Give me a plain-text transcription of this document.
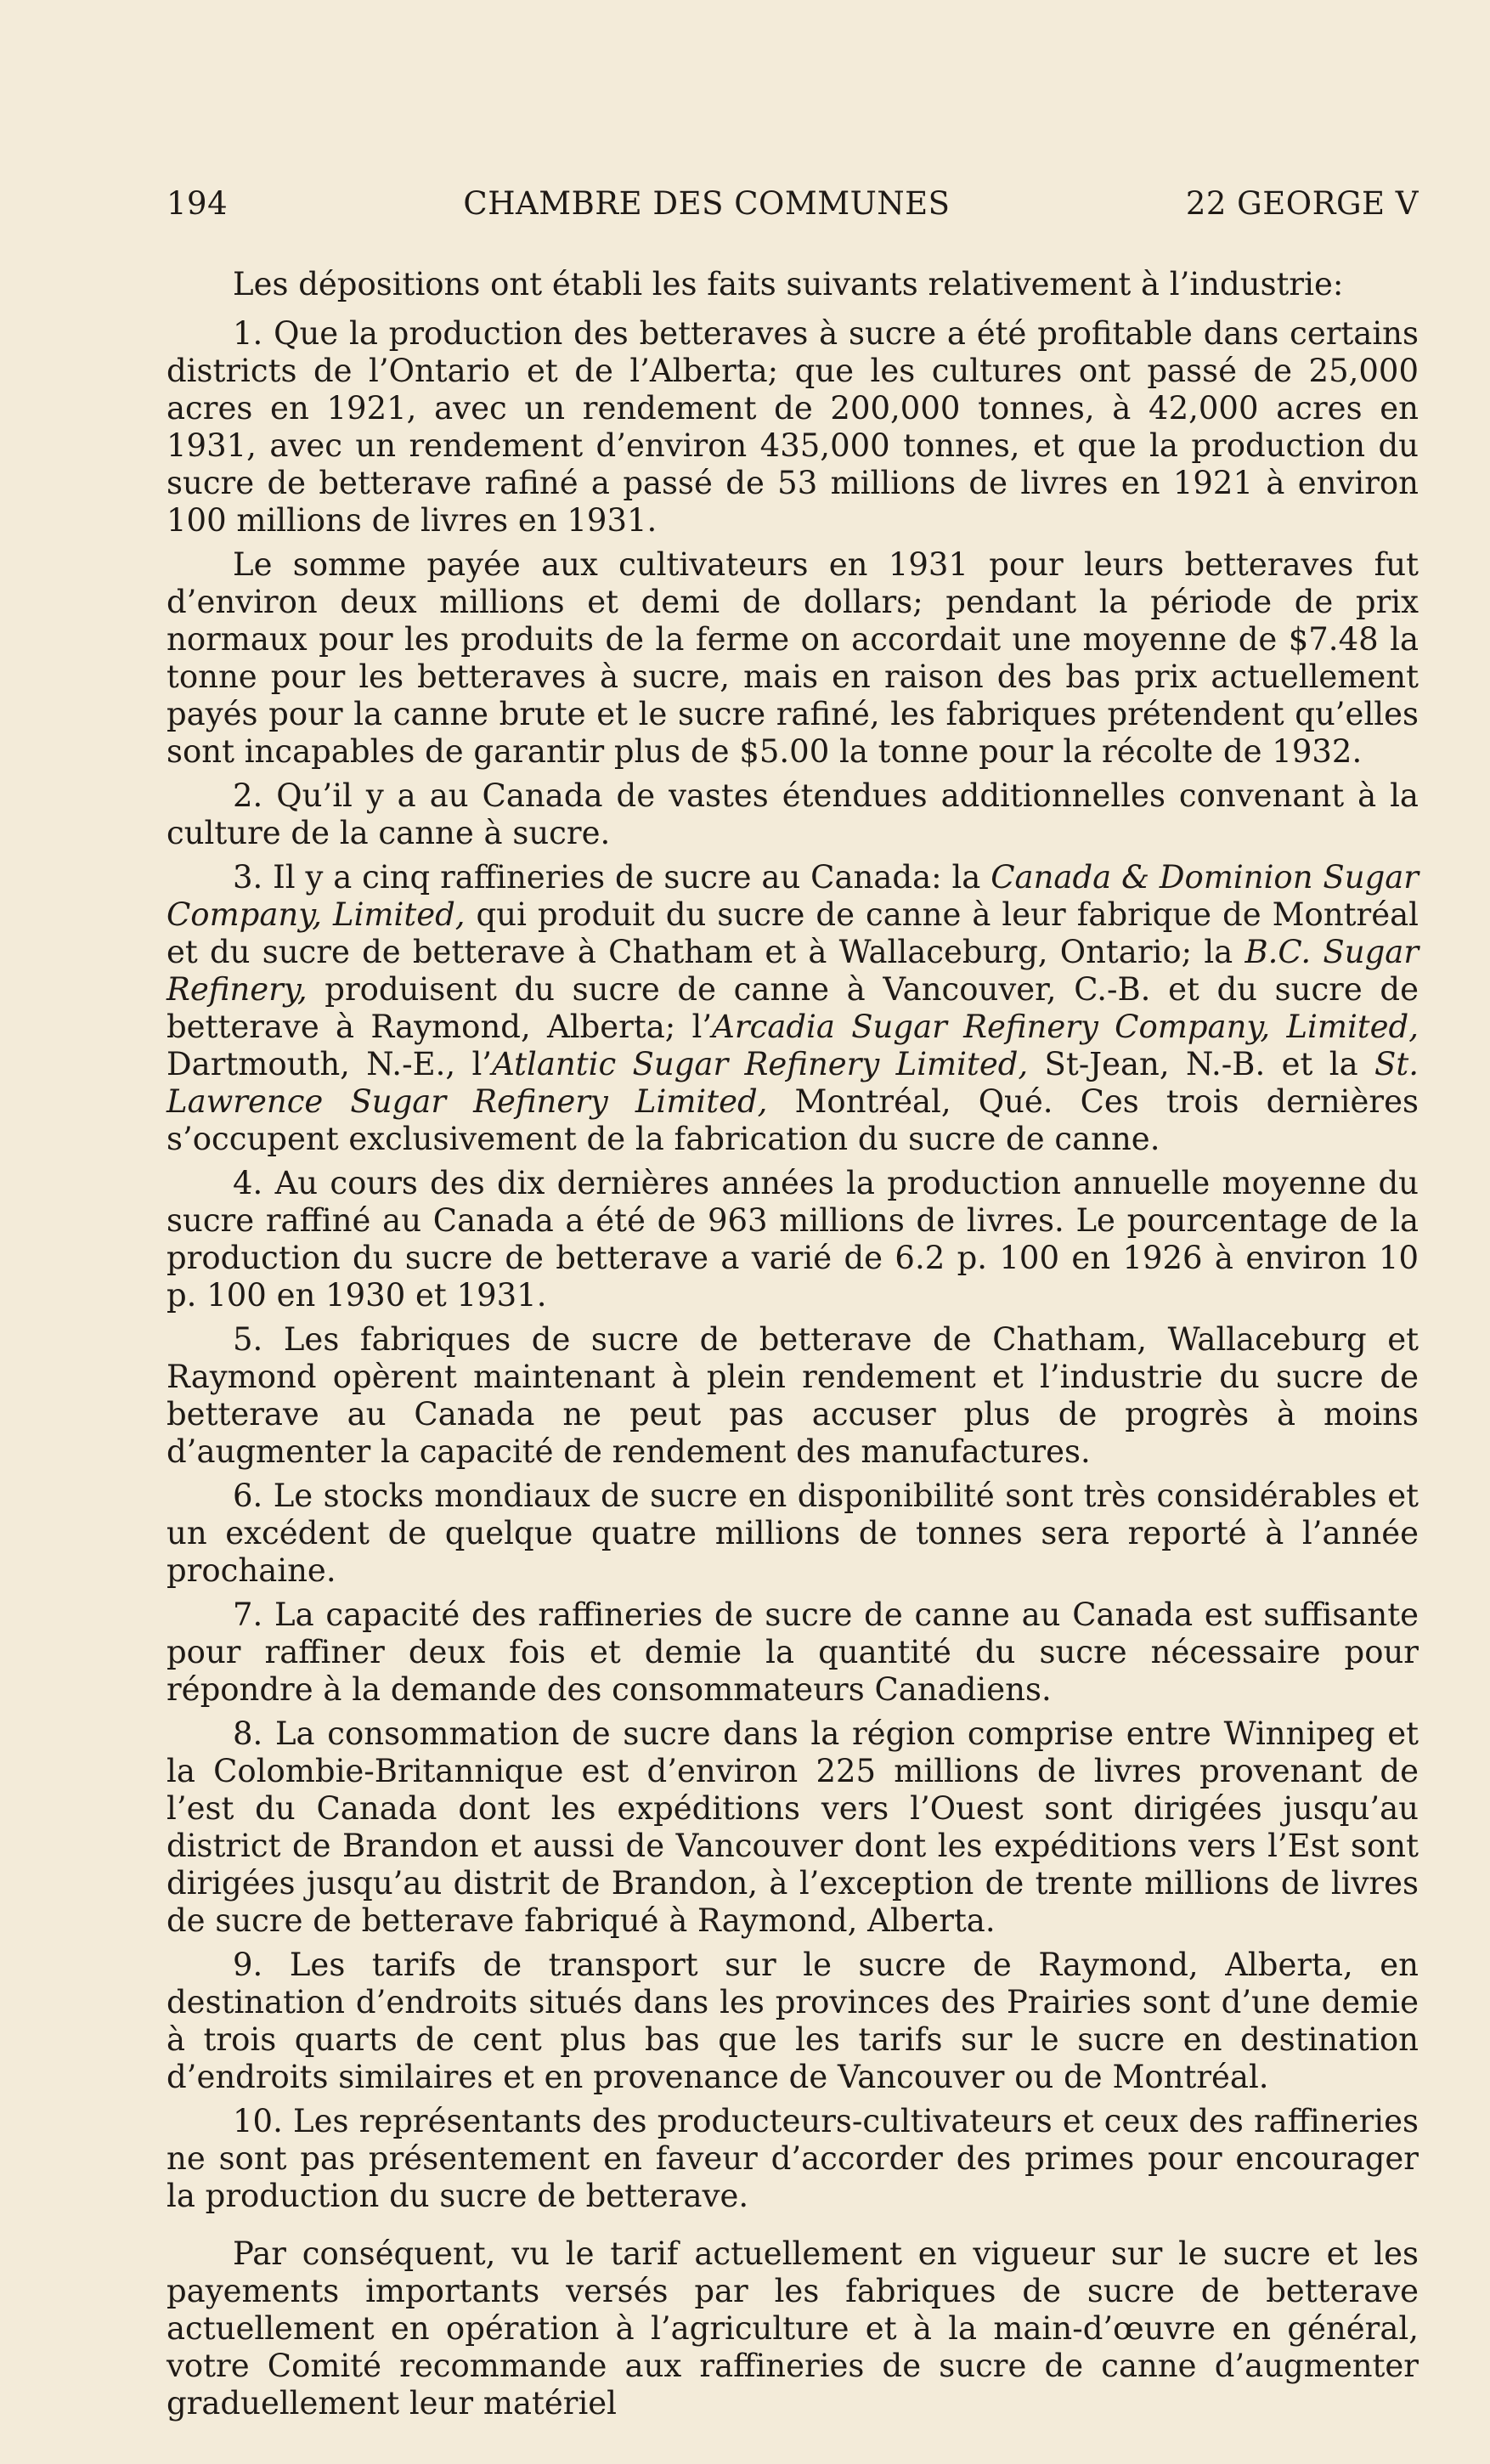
194	CHAMBRE DES COMMUNES	22 GEORGE V

Les dépositions ont établi les faits suivants relativement à l’industrie:

1. Que la production des betteraves à sucre a été profitable dans certains districts de l’Ontario et de l’Alberta; que les cultures ont passé de 25,000 acres en 1921, avec un rendement de 200,000 tonnes, à 42,000 acres en 1931, avec un rendement d’environ 435,000 tonnes, et que la production du sucre de betterave rafiné a passé de 53 millions de livres en 1921 à environ 100 millions de livres en 1931.

Le somme payée aux cultivateurs en 1931 pour leurs betteraves fut d’environ deux millions et demi de dollars; pendant la période de prix normaux pour les produits de la ferme on accordait une moyenne de $7.48 la tonne pour les betteraves à sucre, mais en raison des bas prix actuellement payés pour la canne brute et le sucre rafiné, les fabriques prétendent qu’elles sont incapables de garantir plus de $5.00 la tonne pour la récolte de 1932.

2. Qu’il y a au Canada de vastes étendues additionnelles convenant à la culture de la canne à sucre.

3. Il y a cinq raffineries de sucre au Canada: la Canada & Dominion Sugar Company, Limited, qui produit du sucre de canne à leur fabrique de Montréal et du sucre de betterave à Chatham et à Wallaceburg, Ontario; la B.C. Sugar Refinery, produisent du sucre de canne à Vancouver, C.-B. et du sucre de betterave à Raymond, Alberta; l’Arcadia Sugar Refinery Company, Limited, Dartmouth, N.-E., l’Atlantic Sugar Refinery Limited, St-Jean, N.-B. et la St. Lawrence Sugar Refinery Limited, Montréal, Qué. Ces trois dernières s’occupent exclusivement de la fabrication du sucre de canne.

4. Au cours des dix dernières années la production annuelle moyenne du sucre raffiné au Canada a été de 963 millions de livres. Le pourcentage de la production du sucre de betterave a varié de 6.2 p. 100 en 1926 à environ 10 p. 100 en 1930 et 1931.

5. Les fabriques de sucre de betterave de Chatham, Wallaceburg et Raymond opèrent maintenant à plein rendement et l’industrie du sucre de betterave au Canada ne peut pas accuser plus de progrès à moins d’augmenter la capacité de rendement des manufactures.

6. Le stocks mondiaux de sucre en disponibilité sont très considérables et un excédent de quelque quatre millions de tonnes sera reporté à l’année prochaine.

7. La capacité des raffineries de sucre de canne au Canada est suffisante pour raffiner deux fois et demie la quantité du sucre nécessaire pour répondre à la demande des consommateurs Canadiens.

8. La consommation de sucre dans la région comprise entre Winnipeg et la Colombie-Britannique est d’environ 225 millions de livres provenant de l’est du Canada dont les expéditions vers l’Ouest sont dirigées jusqu’au district de Brandon et aussi de Vancouver dont les expéditions vers l’Est sont dirigées jusqu’au distrit de Brandon, à l’exception de trente millions de livres de sucre de betterave fabriqué à Raymond, Alberta.

9. Les tarifs de transport sur le sucre de Raymond, Alberta, en destination d’endroits situés dans les provinces des Prairies sont d’une demie à trois quarts de cent plus bas que les tarifs sur le sucre en destination d’endroits similaires et en provenance de Vancouver ou de Montréal.

10. Les représentants des producteurs-cultivateurs et ceux des raffineries ne sont pas présentement en faveur d’accorder des primes pour encourager la production du sucre de betterave.

Par conséquent, vu le tarif actuellement en vigueur sur le sucre et les payements importants versés par les fabriques de sucre de betterave actuellement en opération à l’agriculture et à la main-d’œuvre en général, votre Comité recommande aux raffineries de sucre de canne d’augmenter graduellement leur matériel
